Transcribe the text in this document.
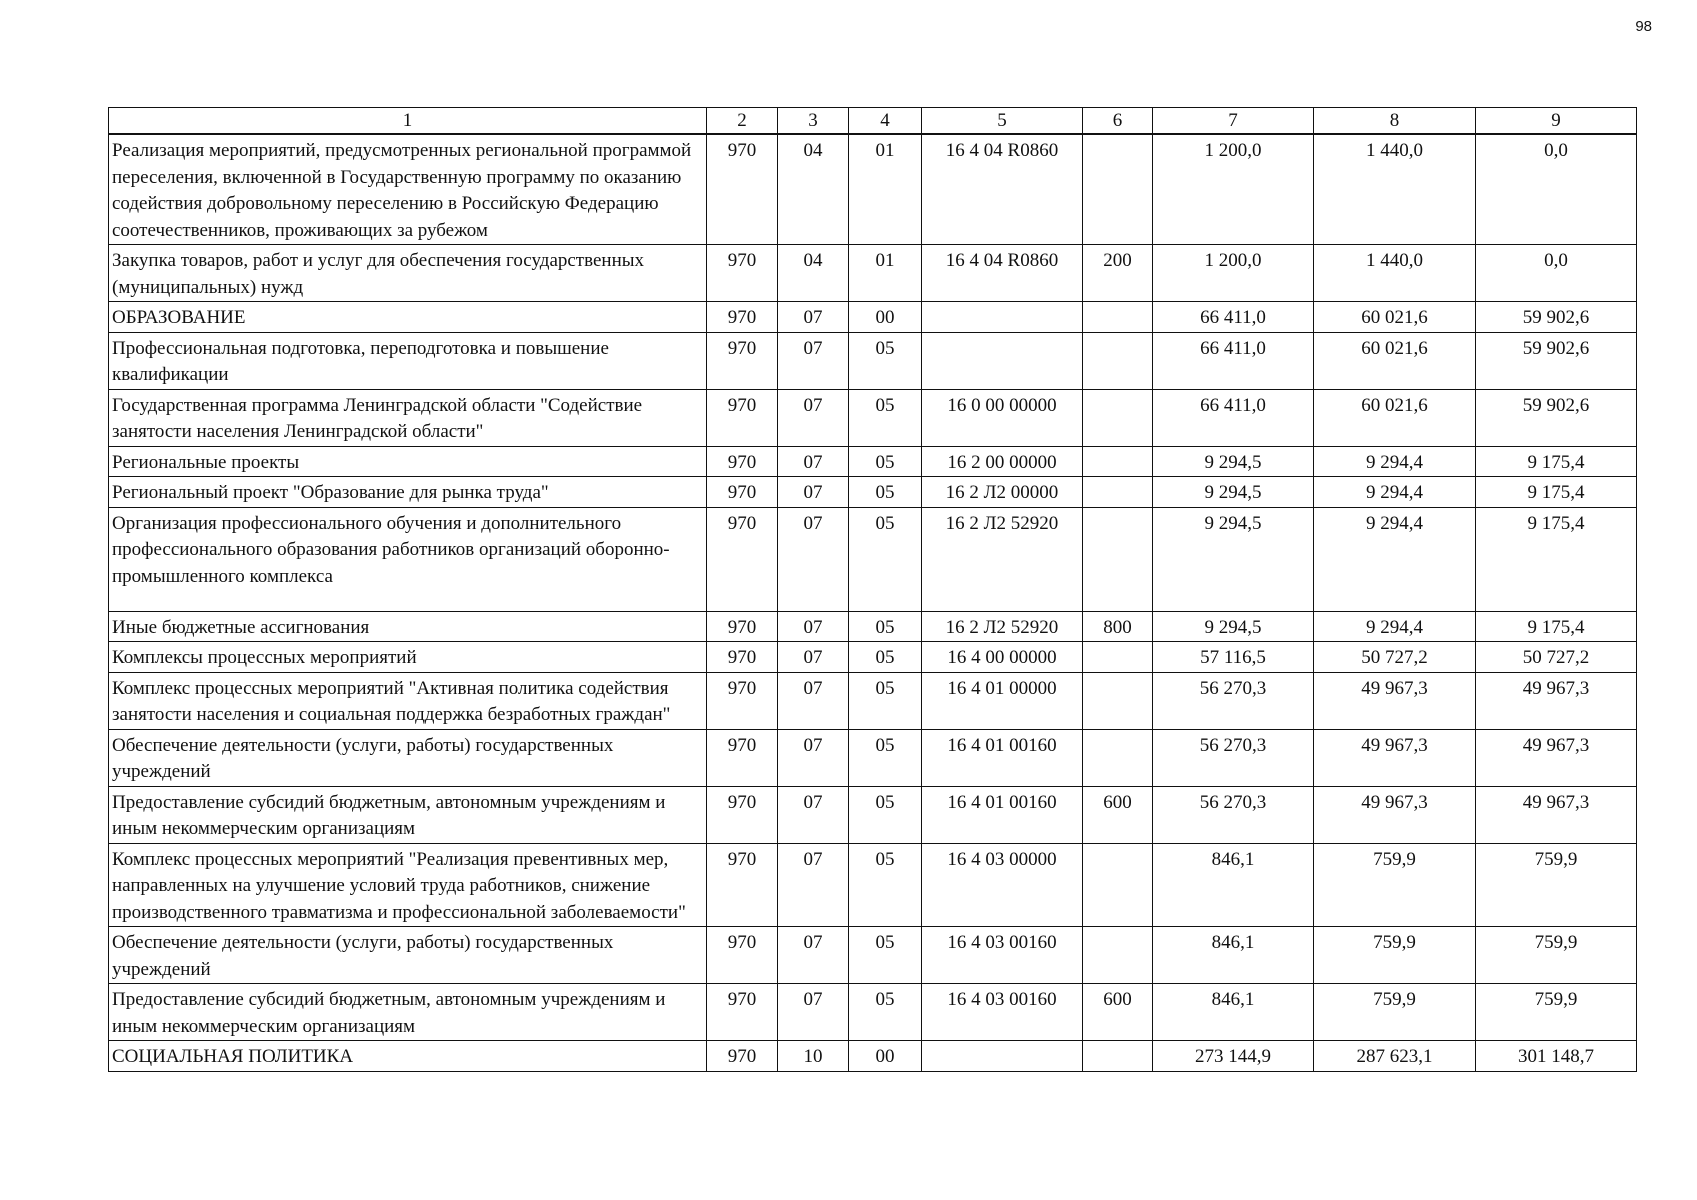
98
1	2	3	4	5	6	7	8	9
Реализация мероприятий, предусмотренных региональной программой переселения, включенной в Государственную программу по оказанию содействия добровольному переселению в Российскую Федерацию соотечественников, проживающих за рубежом	970	04	01	16 4 04 R0860		1 200,0	1 440,0	0,0
Закупка товаров, работ и услуг для обеспечения государственных (муниципальных) нужд	970	04	01	16 4 04 R0860	200	1 200,0	1 440,0	0,0
ОБРАЗОВАНИЕ	970	07	00			66 411,0	60 021,6	59 902,6
Профессиональная подготовка, переподготовка и повышение квалификации	970	07	05			66 411,0	60 021,6	59 902,6
Государственная программа Ленинградской области "Содействие занятости населения Ленинградской области"	970	07	05	16 0 00 00000		66 411,0	60 021,6	59 902,6
Региональные проекты	970	07	05	16 2 00 00000		9 294,5	9 294,4	9 175,4
Региональный проект "Образование для рынка труда"	970	07	05	16 2 Л2 00000		9 294,5	9 294,4	9 175,4
Организация профессионального обучения и дополнительного профессионального образования работников организаций оборонно-промышленного комплекса	970	07	05	16 2 Л2 52920		9 294,5	9 294,4	9 175,4
Иные бюджетные ассигнования	970	07	05	16 2 Л2 52920	800	9 294,5	9 294,4	9 175,4
Комплексы процессных мероприятий	970	07	05	16 4 00 00000		57 116,5	50 727,2	50 727,2
Комплекс процессных мероприятий "Активная политика содействия занятости населения и социальная поддержка безработных граждан"	970	07	05	16 4 01 00000		56 270,3	49 967,3	49 967,3
Обеспечение деятельности (услуги, работы) государственных учреждений	970	07	05	16 4 01 00160		56 270,3	49 967,3	49 967,3
Предоставление субсидий бюджетным, автономным учреждениям и иным некоммерческим организациям	970	07	05	16 4 01 00160	600	56 270,3	49 967,3	49 967,3
Комплекс процессных мероприятий "Реализация превентивных мер, направленных на улучшение условий труда работников, снижение производственного травматизма и профессиональной заболеваемости"	970	07	05	16 4 03 00000		846,1	759,9	759,9
Обеспечение деятельности (услуги, работы) государственных учреждений	970	07	05	16 4 03 00160		846,1	759,9	759,9
Предоставление субсидий бюджетным, автономным учреждениям и иным некоммерческим организациям	970	07	05	16 4 03 00160	600	846,1	759,9	759,9
СОЦИАЛЬНАЯ ПОЛИТИКА	970	10	00			273 144,9	287 623,1	301 148,7
